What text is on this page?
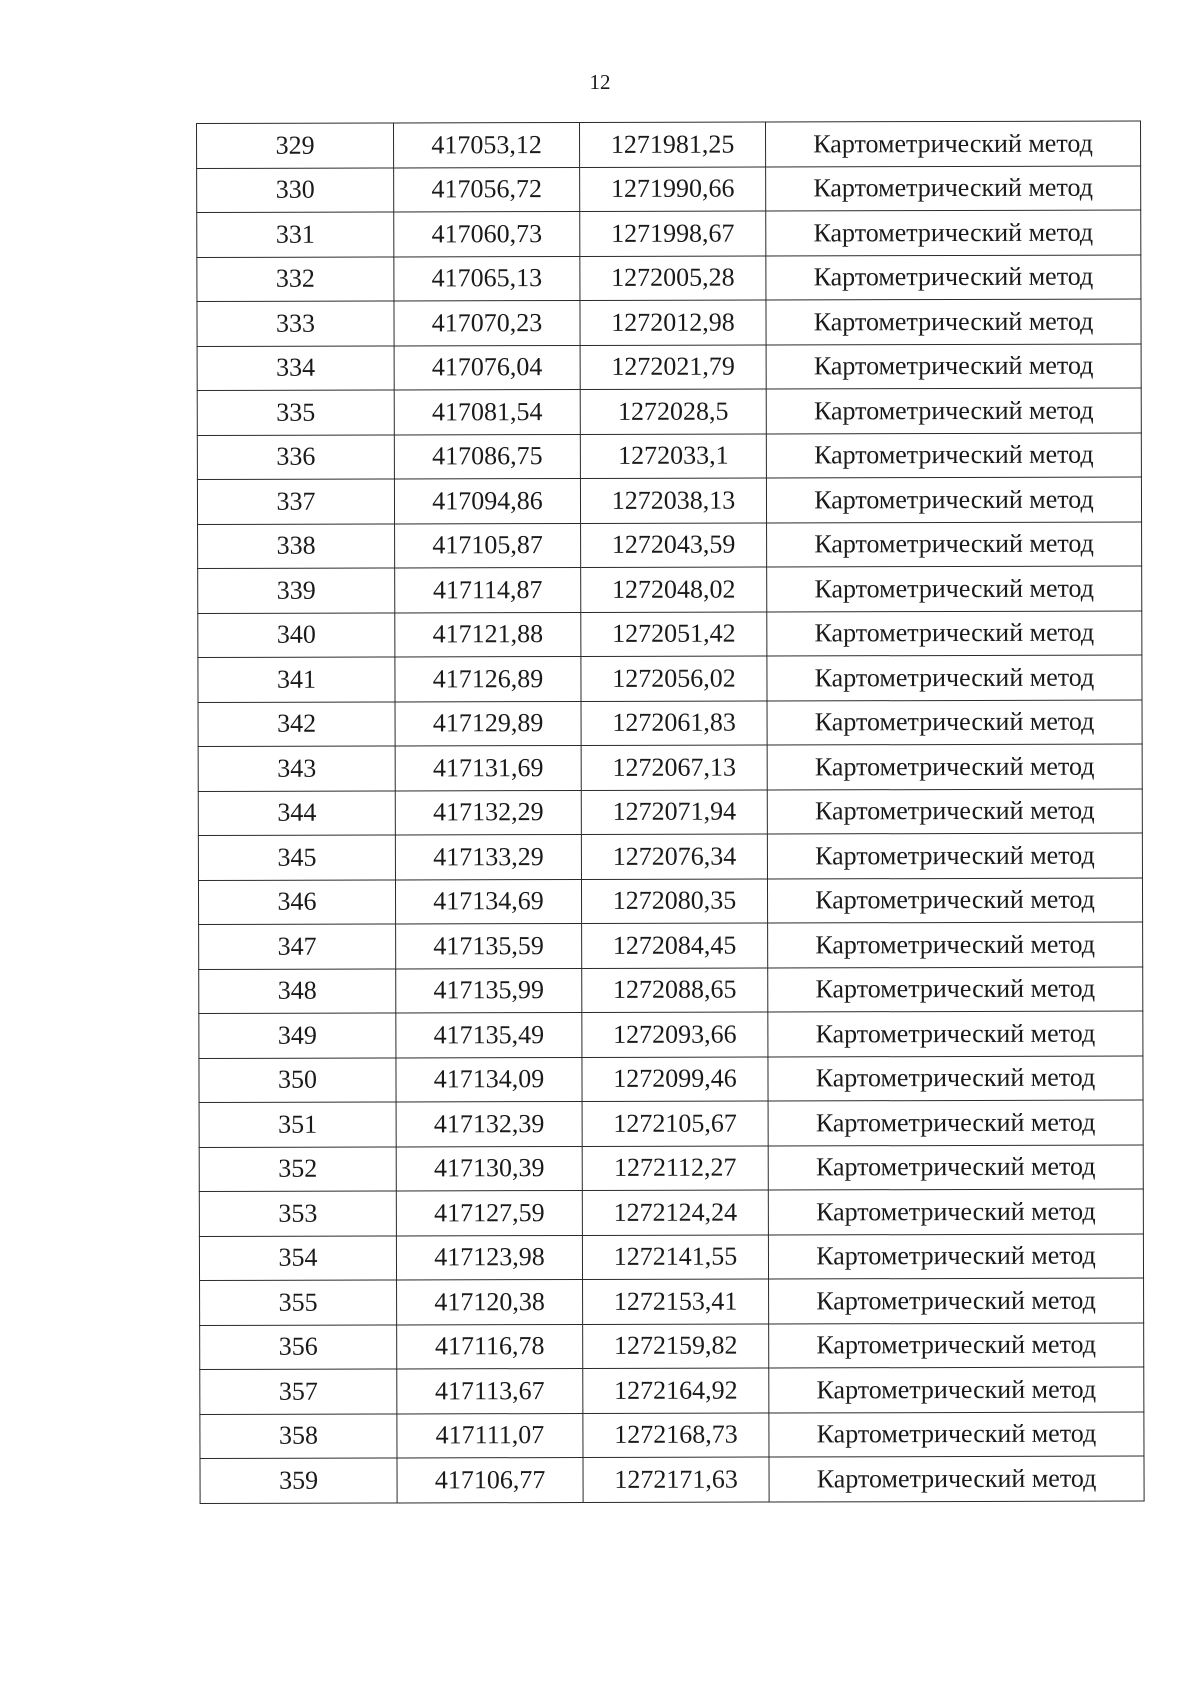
12
329	417053,12	1271981,25	Картометрический метод
330	417056,72	1271990,66	Картометрический метод
331	417060,73	1271998,67	Картометрический метод
332	417065,13	1272005,28	Картометрический метод
333	417070,23	1272012,98	Картометрический метод
334	417076,04	1272021,79	Картометрический метод
335	417081,54	1272028,5	Картометрический метод
336	417086,75	1272033,1	Картометрический метод
337	417094,86	1272038,13	Картометрический метод
338	417105,87	1272043,59	Картометрический метод
339	417114,87	1272048,02	Картометрический метод
340	417121,88	1272051,42	Картометрический метод
341	417126,89	1272056,02	Картометрический метод
342	417129,89	1272061,83	Картометрический метод
343	417131,69	1272067,13	Картометрический метод
344	417132,29	1272071,94	Картометрический метод
345	417133,29	1272076,34	Картометрический метод
346	417134,69	1272080,35	Картометрический метод
347	417135,59	1272084,45	Картометрический метод
348	417135,99	1272088,65	Картометрический метод
349	417135,49	1272093,66	Картометрический метод
350	417134,09	1272099,46	Картометрический метод
351	417132,39	1272105,67	Картометрический метод
352	417130,39	1272112,27	Картометрический метод
353	417127,59	1272124,24	Картометрический метод
354	417123,98	1272141,55	Картометрический метод
355	417120,38	1272153,41	Картометрический метод
356	417116,78	1272159,82	Картометрический метод
357	417113,67	1272164,92	Картометрический метод
358	417111,07	1272168,73	Картометрический метод
359	417106,77	1272171,63	Картометрический метод
